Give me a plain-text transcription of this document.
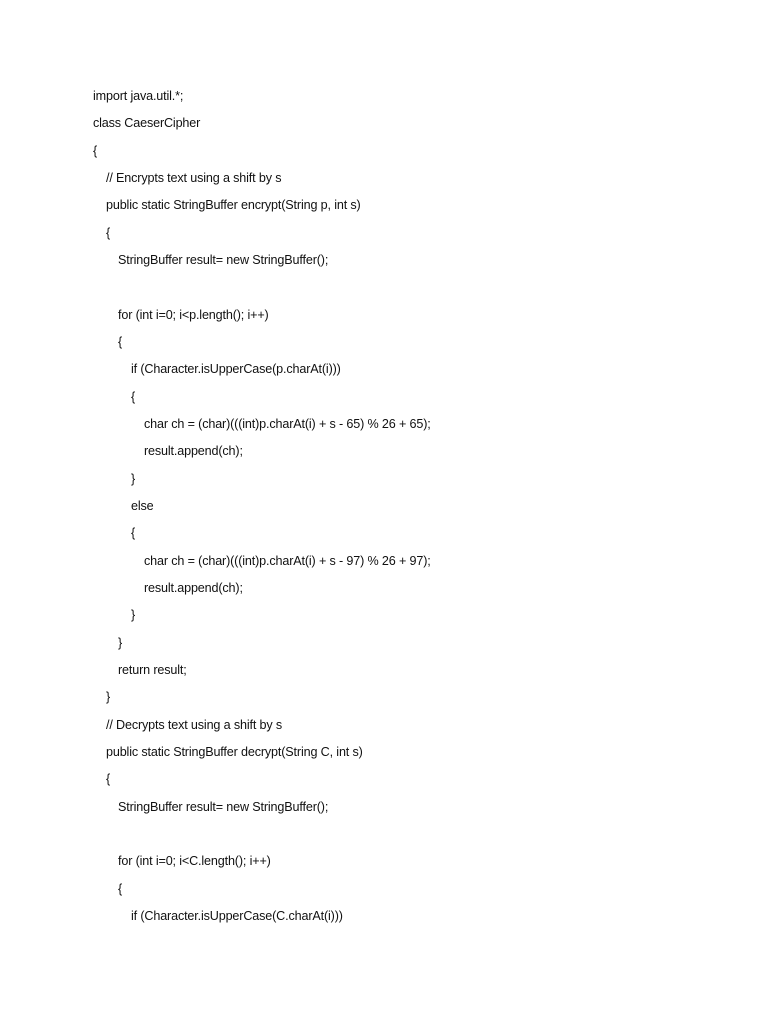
import java.util.*;
class CaeserCipher
{
// Encrypts text using a shift by s
public static StringBuffer encrypt(String p, int s)
{
StringBuffer result= new StringBuffer();
for (int i=0; i<p.length(); i++)
{
if (Character.isUpperCase(p.charAt(i)))
{
char ch = (char)(((int)p.charAt(i) + s - 65) % 26 + 65);
result.append(ch);
}
else
{
char ch = (char)(((int)p.charAt(i) + s - 97) % 26 + 97);
result.append(ch);
}
}
return result;
}
// Decrypts text using a shift by s
public static StringBuffer decrypt(String C, int s)
{
StringBuffer result= new StringBuffer();
for (int i=0; i<C.length(); i++)
{
if (Character.isUpperCase(C.charAt(i)))
